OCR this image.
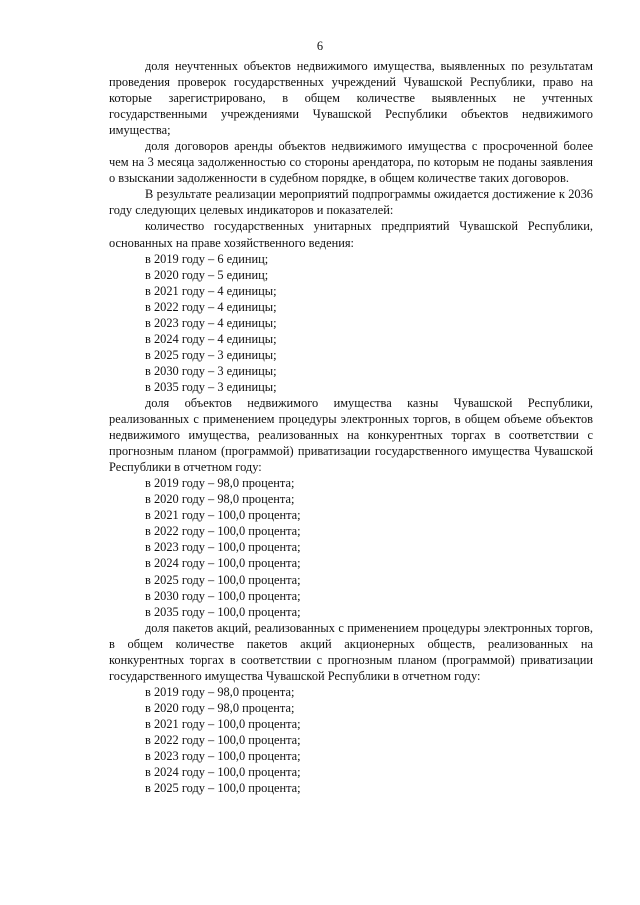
6

доля неучтенных объектов недвижимого имущества, выявленных по результатам проведения проверок государственных учреждений Чувашской Республики, право на которые зарегистрировано, в общем количестве выявленных не учтенных государственными учреждениями Чувашской Республики объектов недвижимого имущества;

доля договоров аренды объектов недвижимого имущества с просроченной более чем на 3 месяца задолженностью со стороны арендатора, по которым не поданы заявления о взыскании задолженности в судебном порядке, в общем количестве таких договоров.

В результате реализации мероприятий подпрограммы ожидается достижение к 2036 году следующих целевых индикаторов и показателей:

количество государственных унитарных предприятий Чувашской Республики, основанных на праве хозяйственного ведения:

в 2019 году – 6 единиц;
в 2020 году – 5 единиц;
в 2021 году – 4 единицы;
в 2022 году – 4 единицы;
в 2023 году – 4 единицы;
в 2024 году – 4 единицы;
в 2025 году – 3 единицы;
в 2030 году – 3 единицы;
в 2035 году – 3 единицы;

доля объектов недвижимого имущества казны Чувашской Республики, реализованных с применением процедуры электронных торгов, в общем объеме объектов недвижимого имущества, реализованных на конкурентных торгах в соответствии с прогнозным планом (программой) приватизации государственного имущества Чувашской Республики в отчетном году:

в 2019 году – 98,0 процента;
в 2020 году – 98,0 процента;
в 2021 году – 100,0 процента;
в 2022 году – 100,0 процента;
в 2023 году – 100,0 процента;
в 2024 году – 100,0 процента;
в 2025 году – 100,0 процента;
в 2030 году – 100,0 процента;
в 2035 году – 100,0 процента;

доля пакетов акций, реализованных с применением процедуры электронных торгов, в общем количестве пакетов акций акционерных обществ, реализованных на конкурентных торгах в соответствии с прогнозным планом (программой) приватизации государственного имущества Чувашской Республики в отчетном году:

в 2019 году – 98,0 процента;
в 2020 году – 98,0 процента;
в 2021 году – 100,0 процента;
в 2022 году – 100,0 процента;
в 2023 году – 100,0 процента;
в 2024 году – 100,0 процента;
в 2025 году – 100,0 процента;
